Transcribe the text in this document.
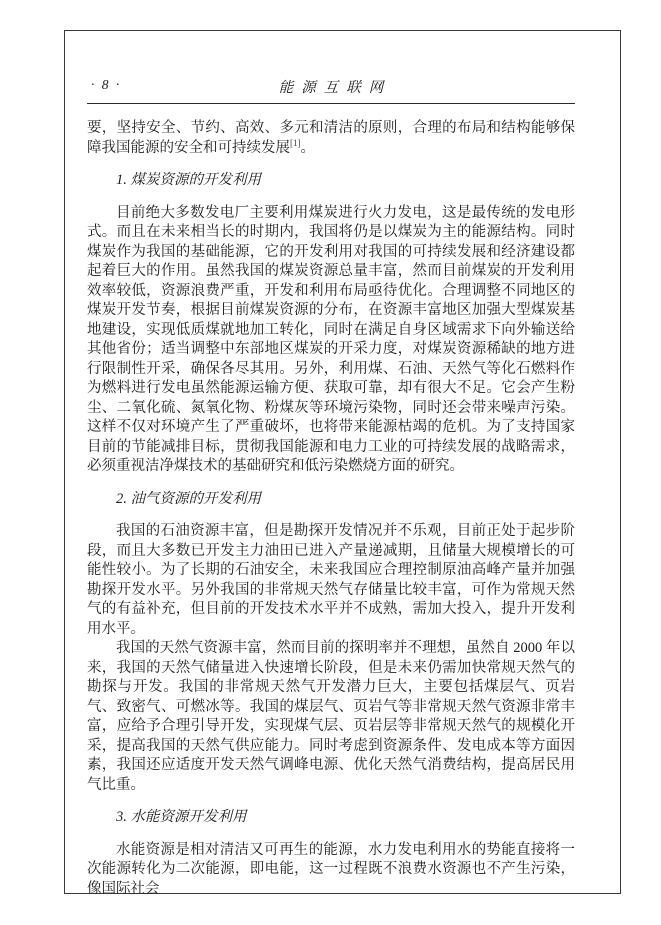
· 8 ·	能源互联网

要，坚持安全、节约、高效、多元和清洁的原则，合理的布局和结构能够保障我国能源的安全和可持续发展[1]。

1. 煤炭资源的开发利用

目前绝大多数发电厂主要利用煤炭进行火力发电，这是最传统的发电形式。而且在未来相当长的时期内，我国将仍是以煤炭为主的能源结构。同时煤炭作为我国的基础能源，它的开发利用对我国的可持续发展和经济建设都起着巨大的作用。虽然我国的煤炭资源总量丰富，然而目前煤炭的开发利用效率较低，资源浪费严重，开发和利用布局亟待优化。合理调整不同地区的煤炭开发节奏，根据目前煤炭资源的分布，在资源丰富地区加强大型煤炭基地建设，实现低质煤就地加工转化，同时在满足自身区域需求下向外输送给其他省份；适当调整中东部地区煤炭的开采力度，对煤炭资源稀缺的地方进行限制性开采，确保各尽其用。另外，利用煤、石油、天然气等化石燃料作为燃料进行发电虽然能源运输方便、获取可靠，却有很大不足。它会产生粉尘、二氧化硫、氮氧化物、粉煤灰等环境污染物，同时还会带来噪声污染。这样不仅对环境产生了严重破坏，也将带来能源枯竭的危机。为了支持国家目前的节能减排目标，贯彻我国能源和电力工业的可持续发展的战略需求，必须重视洁净煤技术的基础研究和低污染燃烧方面的研究。

2. 油气资源的开发利用

我国的石油资源丰富，但是勘探开发情况并不乐观，目前正处于起步阶段，而且大多数已开发主力油田已进入产量递减期，且储量大规模增长的可能性较小。为了长期的石油安全，未来我国应合理控制原油高峰产量并加强勘探开发水平。另外我国的非常规天然气存储量比较丰富，可作为常规天然气的有益补充，但目前的开发技术水平并不成熟，需加大投入，提升开发利用水平。

我国的天然气资源丰富，然而目前的探明率并不理想，虽然自 2000 年以来，我国的天然气储量进入快速增长阶段，但是未来仍需加快常规天然气的勘探与开发。我国的非常规天然气开发潜力巨大，主要包括煤层气、页岩气、致密气、可燃冰等。我国的煤层气、页岩气等非常规天然气资源非常丰富，应给予合理引导开发，实现煤气层、页岩层等非常规天然气的规模化开采，提高我国的天然气供应能力。同时考虑到资源条件、发电成本等方面因素，我国还应适度开发天然气调峰电源、优化天然气消费结构，提高居民用气比重。

3. 水能资源开发利用

水能资源是相对清洁又可再生的能源，水力发电利用水的势能直接将一次能源转化为二次能源，即电能，这一过程既不浪费水资源也不产生污染，像国际社会
